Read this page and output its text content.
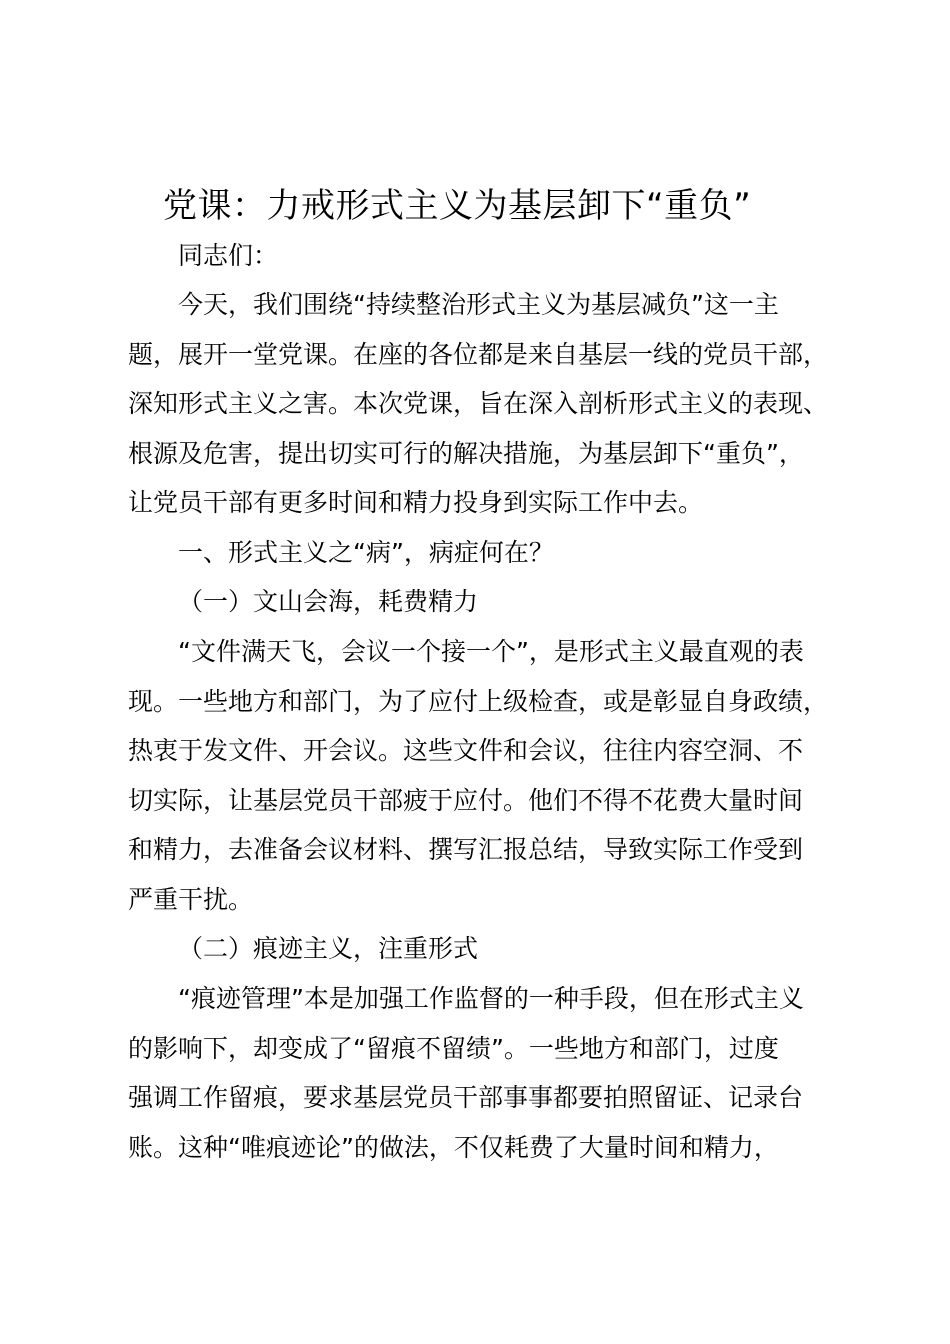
党课：力戒形式主义为基层卸下“重负”
同志们：
今天，我们围绕“持续整治形式主义为基层减负”这一主
题，展开一堂党课。在座的各位都是来自基层一线的党员干部，
深知形式主义之害。本次党课，旨在深入剖析形式主义的表现、
根源及危害，提出切实可行的解决措施，为基层卸下“重负”，
让党员干部有更多时间和精力投身到实际工作中去。
一、形式主义之“病”，病症何在？
（一）文山会海，耗费精力
“文件满天飞，会议一个接一个”，是形式主义最直观的表
现。一些地方和部门，为了应付上级检查，或是彰显自身政绩，
热衷于发文件、开会议。这些文件和会议，往往内容空洞、不
切实际，让基层党员干部疲于应付。他们不得不花费大量时间
和精力，去准备会议材料、撰写汇报总结，导致实际工作受到
严重干扰。
（二）痕迹主义，注重形式
“痕迹管理”本是加强工作监督的一种手段，但在形式主义
的影响下，却变成了“留痕不留绩”。一些地方和部门，过度
强调工作留痕，要求基层党员干部事事都要拍照留证、记录台
账。这种“唯痕迹论”的做法，不仅耗费了大量时间和精力，
